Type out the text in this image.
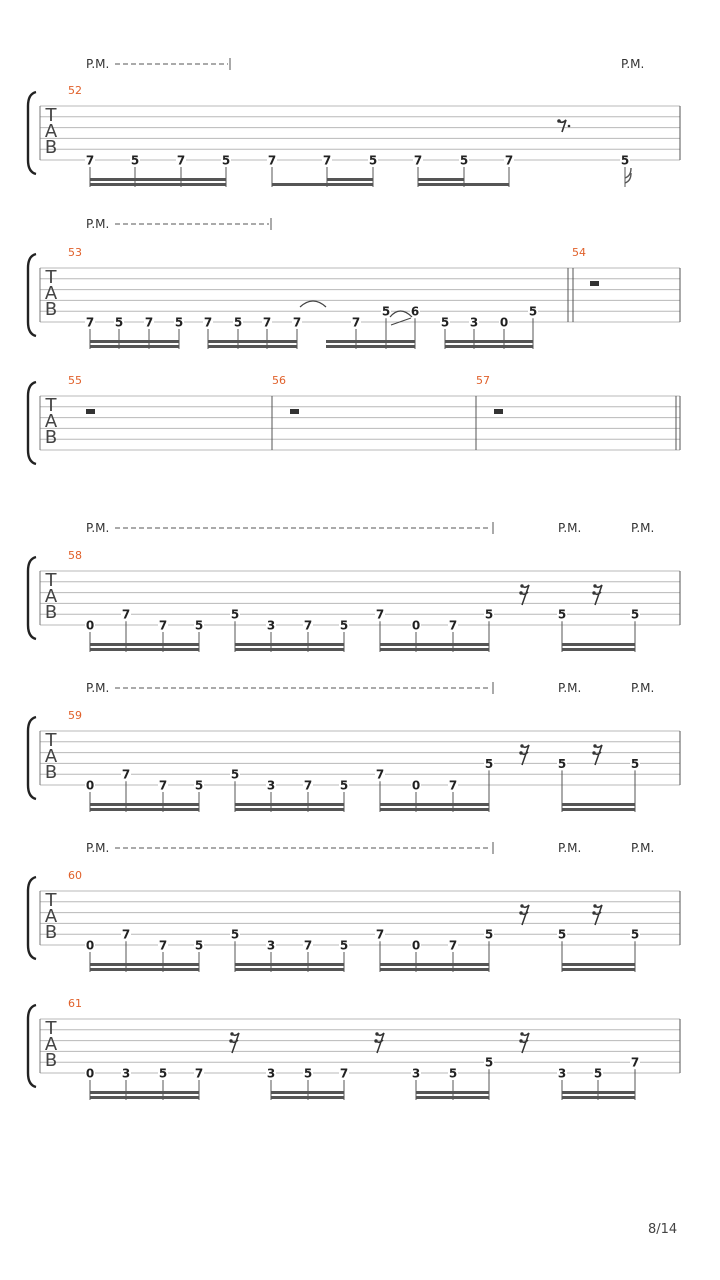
T
A
B
52
P.M.	P.M.
7	5	7	5	7	7	5	7	5	7	5
T
A
B
53	54
P.M.
7 5 7 5 7 5 7 7	7
5 6
5 3 0
5
T
A
B
55	56	57
T
A
B
58
P.M.	P.M.	P.M.
0
7
7 5
5
3 7 5
7
0 7
5	5	5
T
A
B
59
P.M.	P.M.	P.M.
0
7
7 5
5
3 7 5
7
0 7
5	5	5
T
A
B
60
P.M.	P.M.	P.M.
0
7
7 5
5
3 7 5
7
0 7
5	5	5
T
A
B
61
0 3 5 7	3 5 7	3 5
5
3 5
7
8/14
